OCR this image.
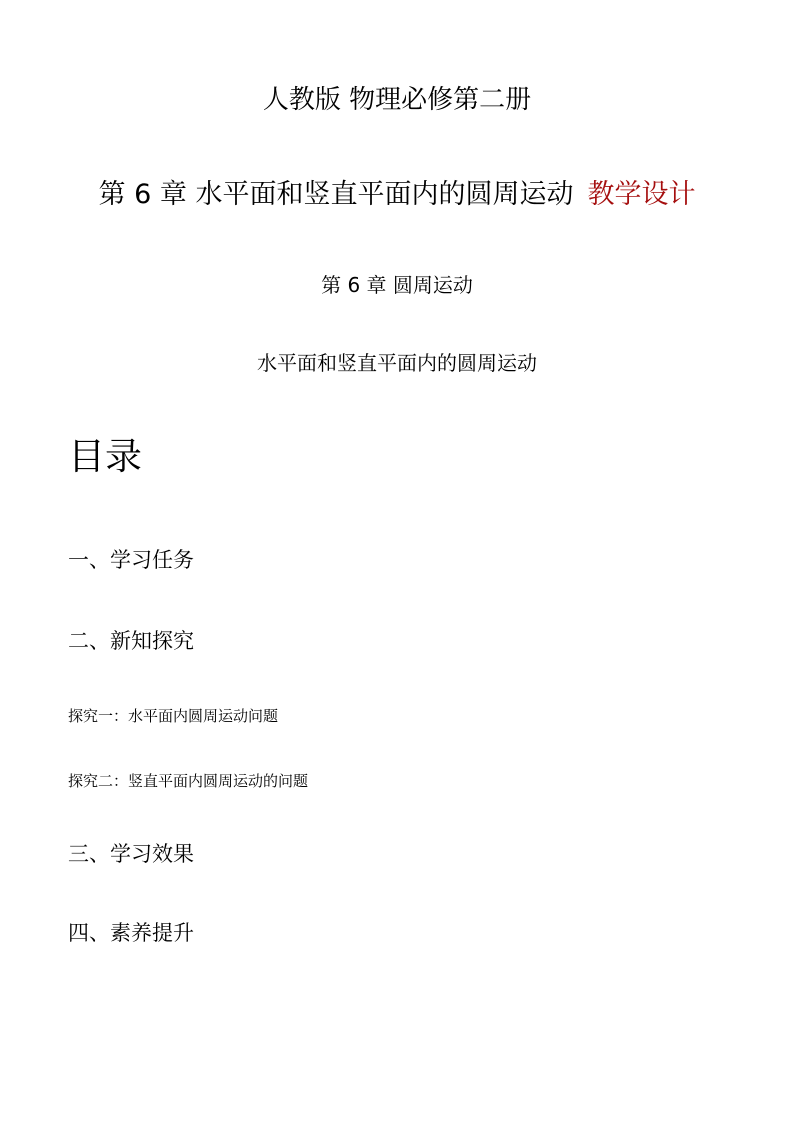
人教版 物理必修第二册
第 6 章 水平面和竖直平面内的圆周运动 教学设计
第 6 章 圆周运动
水平面和竖直平面内的圆周运动
目录
一、学习任务
二、新知探究
探究一：水平面内圆周运动问题
探究二：竖直平面内圆周运动的问题
三、学习效果
四、素养提升
